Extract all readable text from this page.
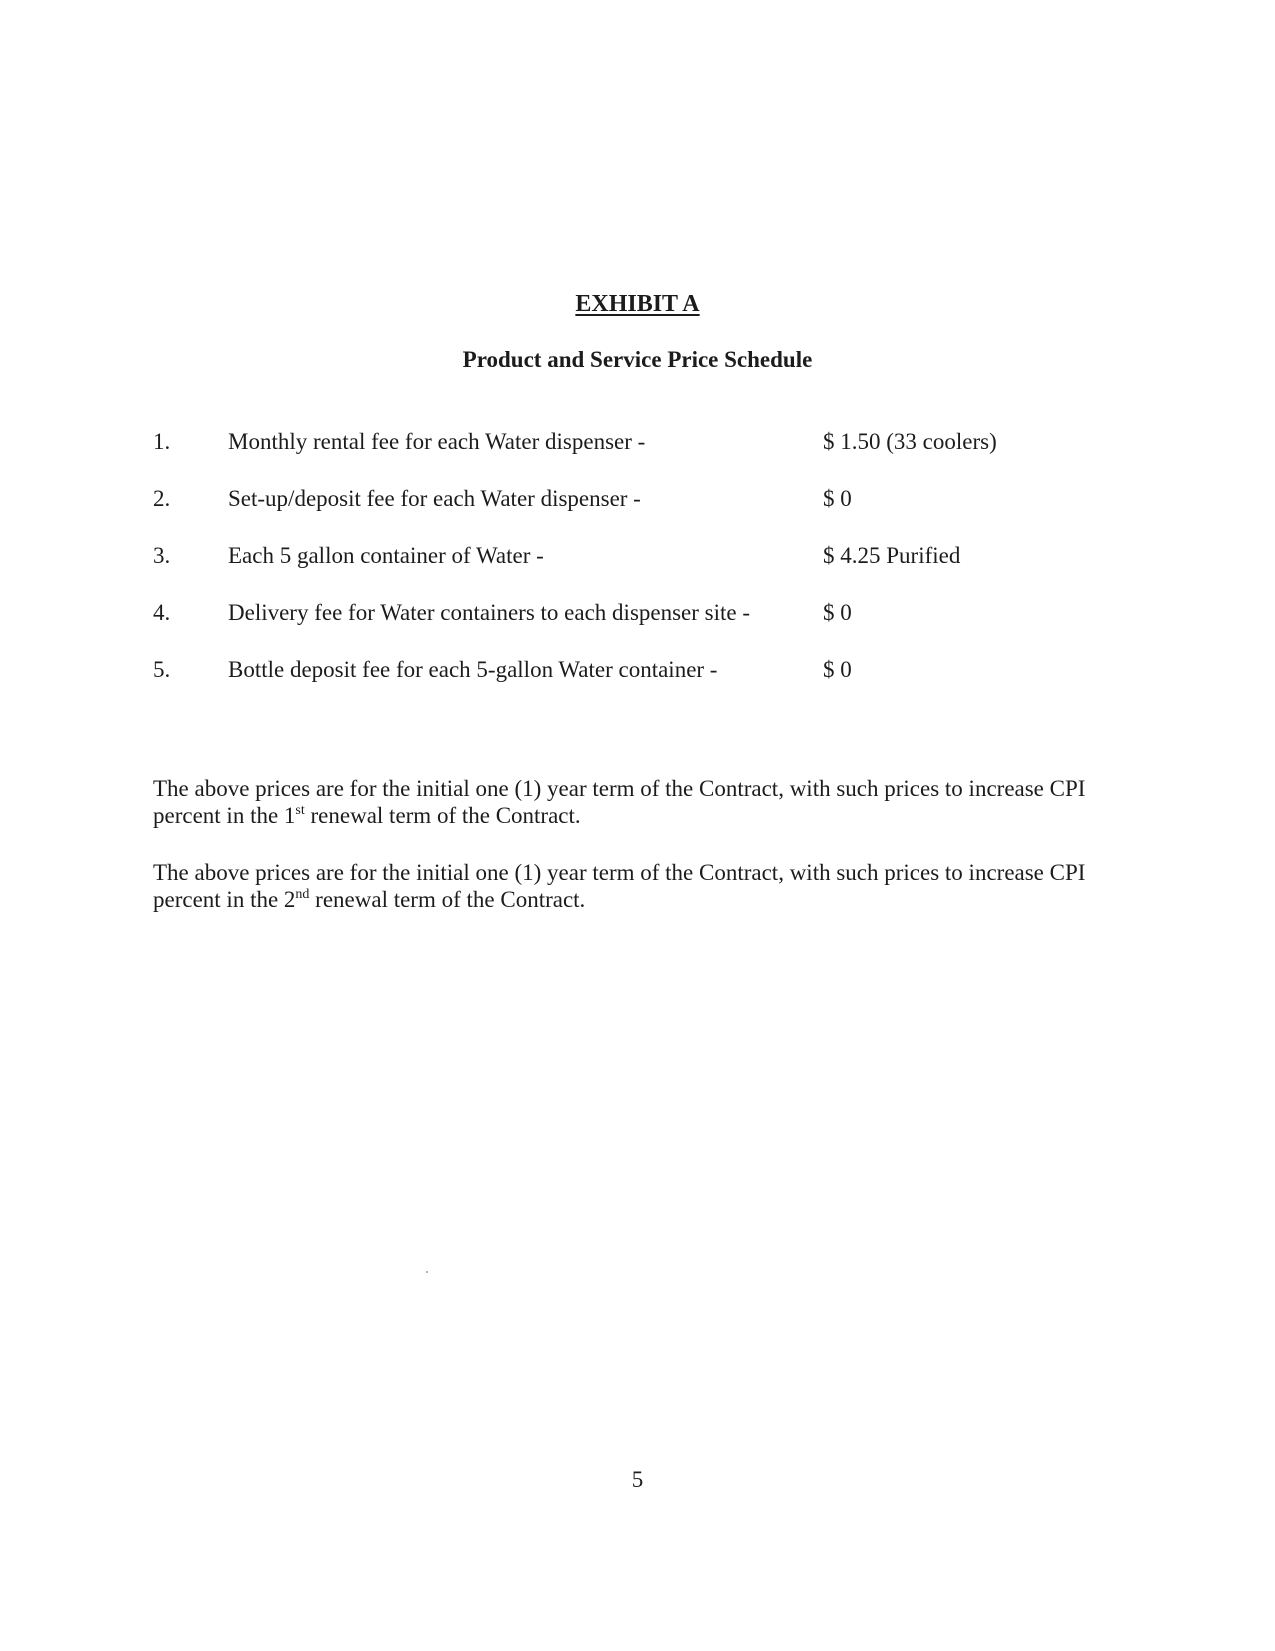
EXHIBIT A
Product and Service Price Schedule
1.	Monthly rental fee for each Water dispenser -	$ 1.50 (33 coolers)
2.	Set-up/deposit fee for each Water dispenser -	$ 0
3.	Each 5 gallon container of Water -	$ 4.25 Purified
4.	Delivery fee for Water containers to each dispenser site -	$ 0
5.	Bottle deposit fee for each 5-gallon Water container -	$ 0
The above prices are for the initial one (1) year term of the Contract, with such prices to increase CPI percent in the 1st renewal term of the Contract.
The above prices are for the initial one (1) year term of the Contract, with such prices to increase CPI percent in the 2nd renewal term of the Contract.
5
